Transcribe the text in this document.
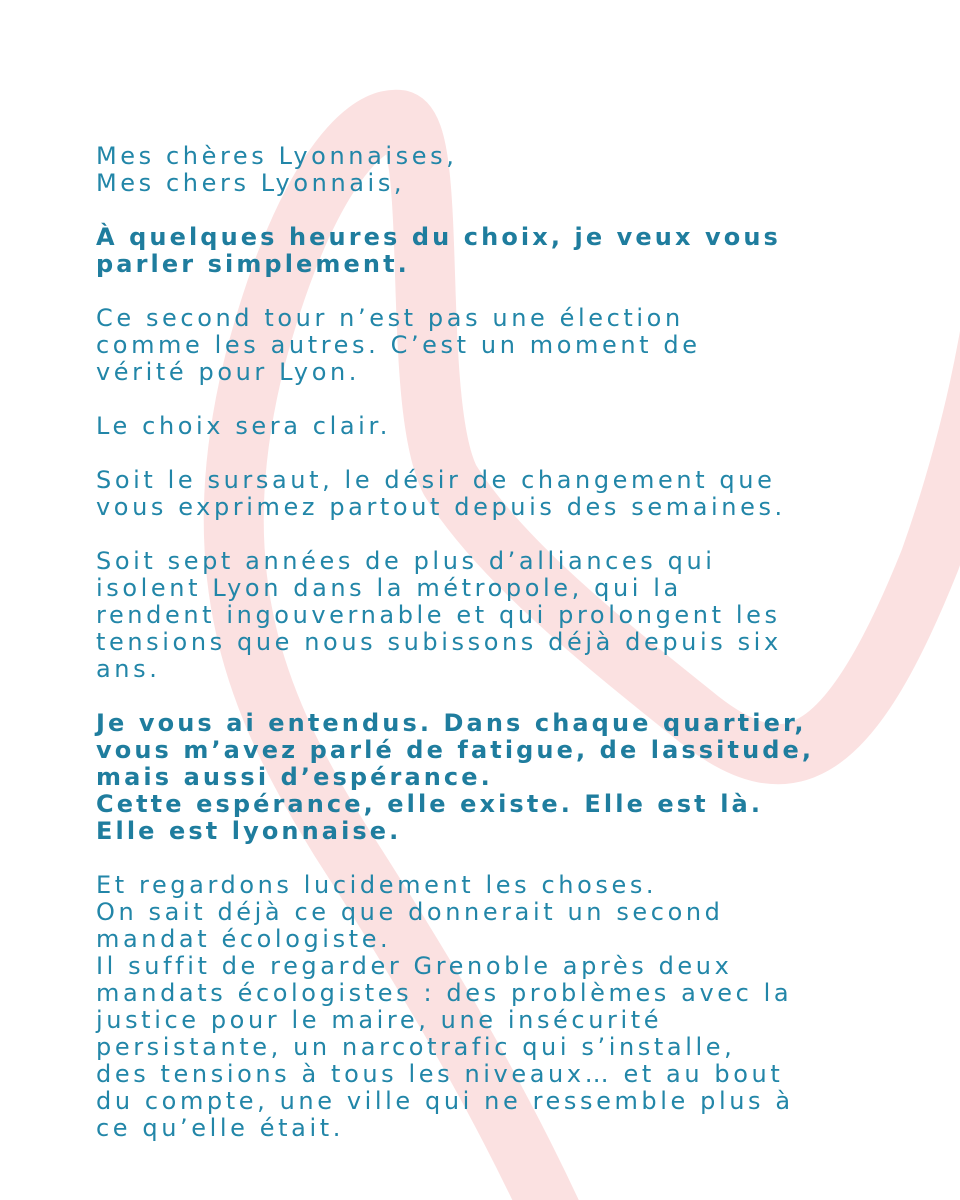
Mes chères Lyonnaises,
Mes chers Lyonnais,
À quelques heures du choix, je veux vous
parler simplement.
Ce second tour n’est pas une élection
comme les autres. C’est un moment de
vérité pour Lyon.
Le choix sera clair.
Soit le sursaut, le désir de changement que
vous exprimez partout depuis des semaines.
Soit sept années de plus d’alliances qui
isolent Lyon dans la métropole, qui la
rendent ingouvernable et qui prolongent les
tensions que nous subissons déjà depuis six
ans.
Je vous ai entendus. Dans chaque quartier,
vous m’avez parlé de fatigue, de lassitude,
mais aussi d’espérance.
Cette espérance, elle existe. Elle est là.
Elle est lyonnaise.
Et regardons lucidement les choses.
On sait déjà ce que donnerait un second
mandat écologiste.
Il suffit de regarder Grenoble après deux
mandats écologistes : des problèmes avec la
justice pour le maire, une insécurité
persistante, un narcotrafic qui s’installe,
des tensions à tous les niveaux… et au bout
du compte, une ville qui ne ressemble plus à
ce qu’elle était.
